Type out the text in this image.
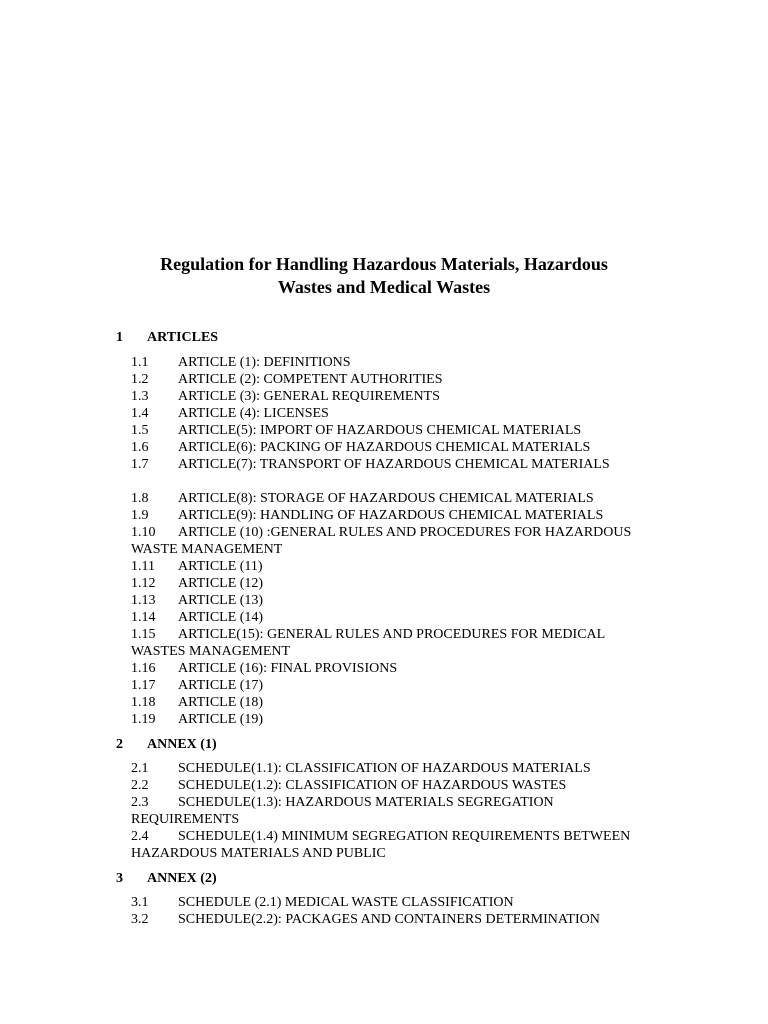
Regulation for Handling Hazardous Materials, Hazardous
Wastes and Medical Wastes
1 ARTICLES
1.1 ARTICLE (1): DEFINITIONS
1.2 ARTICLE (2): COMPETENT AUTHORITIES
1.3 ARTICLE (3): GENERAL REQUIREMENTS
1.4 ARTICLE (4): LICENSES
1.5 ARTICLE(5): IMPORT OF HAZARDOUS CHEMICAL MATERIALS
1.6 ARTICLE(6): PACKING OF HAZARDOUS CHEMICAL MATERIALS
1.7 ARTICLE(7): TRANSPORT OF HAZARDOUS CHEMICAL MATERIALS
1.8 ARTICLE(8): STORAGE OF HAZARDOUS CHEMICAL MATERIALS
1.9 ARTICLE(9): HANDLING OF HAZARDOUS CHEMICAL MATERIALS
1.10 ARTICLE (10) :GENERAL RULES AND PROCEDURES FOR HAZARDOUS WASTE MANAGEMENT
1.11 ARTICLE (11)
1.12 ARTICLE (12)
1.13 ARTICLE (13)
1.14 ARTICLE (14)
1.15 ARTICLE(15): GENERAL RULES AND PROCEDURES FOR MEDICAL WASTES MANAGEMENT
1.16 ARTICLE (16): FINAL PROVISIONS
1.17 ARTICLE (17)
1.18 ARTICLE (18)
1.19 ARTICLE (19)
2 ANNEX (1)
2.1 SCHEDULE(1.1): CLASSIFICATION OF HAZARDOUS MATERIALS
2.2 SCHEDULE(1.2): CLASSIFICATION OF HAZARDOUS WASTES
2.3 SCHEDULE(1.3): HAZARDOUS MATERIALS SEGREGATION REQUIREMENTS
2.4 SCHEDULE(1.4) MINIMUM SEGREGATION REQUIREMENTS BETWEEN HAZARDOUS MATERIALS AND PUBLIC
3 ANNEX (2)
3.1 SCHEDULE (2.1) MEDICAL WASTE CLASSIFICATION
3.2 SCHEDULE(2.2): PACKAGES AND CONTAINERS DETERMINATION
